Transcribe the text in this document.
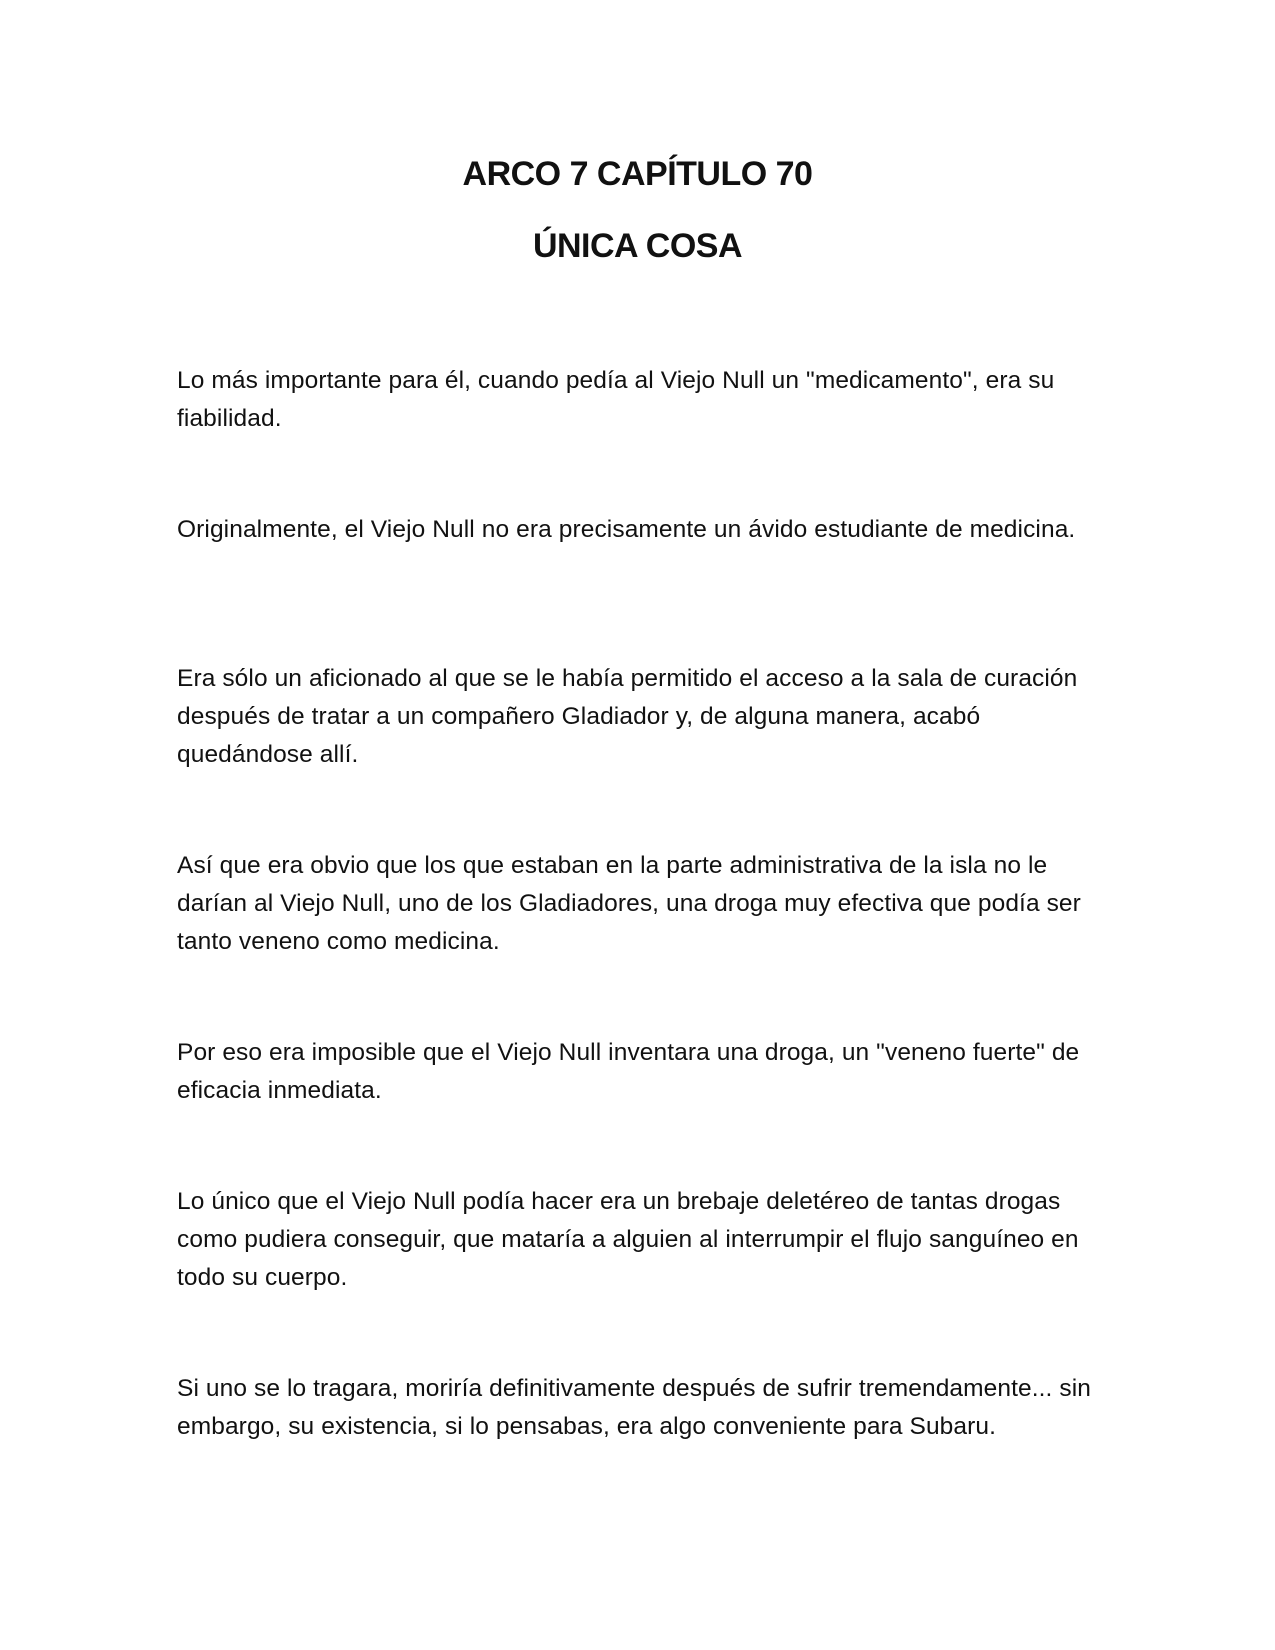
ARCO 7 CAPÍTULO 70
ÚNICA COSA

Lo más importante para él, cuando pedía al Viejo Null un "medicamento", era su fiabilidad.

Originalmente, el Viejo Null no era precisamente un ávido estudiante de medicina.

Era sólo un aficionado al que se le había permitido el acceso a la sala de curación después de tratar a un compañero Gladiador y, de alguna manera, acabó quedándose allí.

Así que era obvio que los que estaban en la parte administrativa de la isla no le darían al Viejo Null, uno de los Gladiadores, una droga muy efectiva que podía ser tanto veneno como medicina.

Por eso era imposible que el Viejo Null inventara una droga, un "veneno fuerte" de eficacia inmediata.

Lo único que el Viejo Null podía hacer era un brebaje deletéreo de tantas drogas como pudiera conseguir, que mataría a alguien al interrumpir el flujo sanguíneo en todo su cuerpo.

Si uno se lo tragara, moriría definitivamente después de sufrir tremendamente... sin embargo, su existencia, si lo pensabas, era algo conveniente para Subaru.
